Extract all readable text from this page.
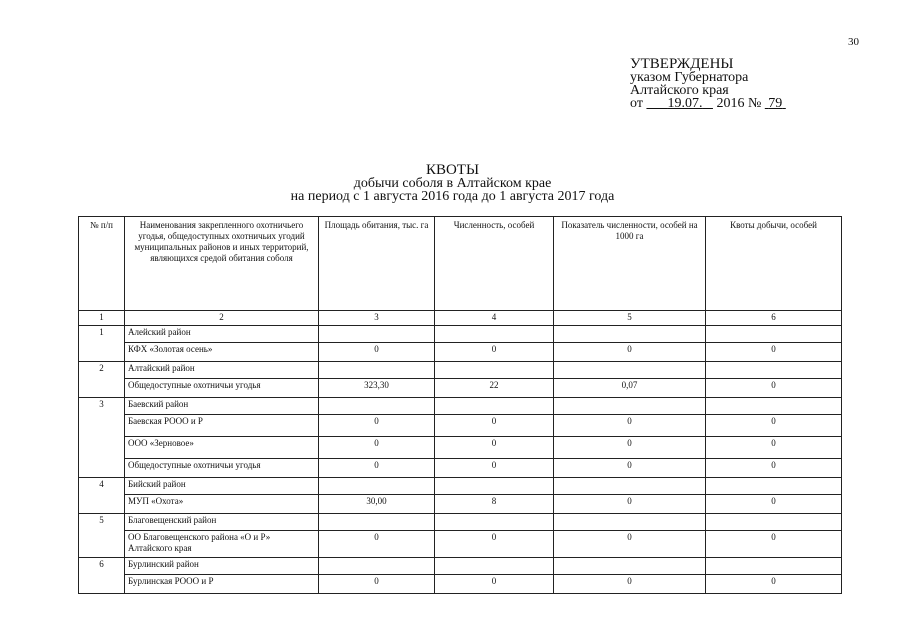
30
УТВЕРЖДЕНЫ
указом Губернатора
Алтайского края
от 19.07. 2016 № 79
КВОТЫ
добычи соболя в Алтайском крае
на период с 1 августа 2016 года до 1 августа 2017 года
№ п/п	Наименования закрепленного охотничьего угодья, общедоступных охотничьих угодий муниципальных районов и иных территорий, являющихся средой обитания соболя	Площадь обитания, тыс. га	Численность, особей	Показатель численности, особей на 1000 га	Квоты добычи, особей
1	2	3	4	5	6
1	Алейский район				
	КФХ «Золотая осень»	0	0	0	0
2	Алтайский район				
	Общедоступные охотничьи угодья	323,30	22	0,07	0
3	Баевский район				
	Баевская РООО и Р	0	0	0	0
	ООО «Зерновое»	0	0	0	0
	Общедоступные охотничьи угодья	0	0	0	0
4	Бийский район				
	МУП «Охота»	30,00	8	0	0
5	Благовещенский район				
	ОО Благовещенского района «О и Р» Алтайского края	0	0	0	0
6	Бурлинский район				
	Бурлинская РООО и Р	0	0	0	0
